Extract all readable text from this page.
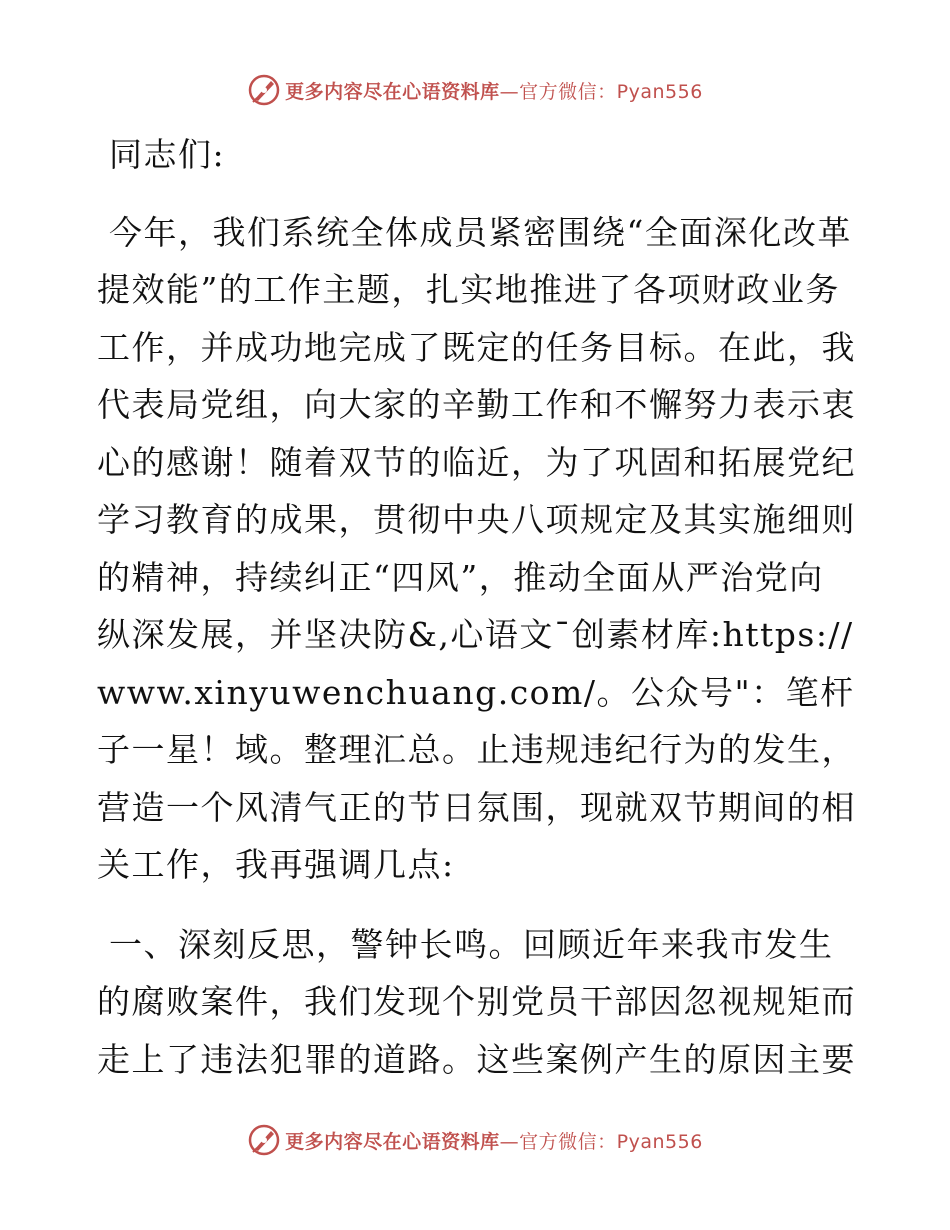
更多内容尽在心语资料库—官方微信：Pyan556

同志们:

今年，我们系统全体成员紧密围绕“全面深化改革提效能”的工作主题，扎实地推进了各项财政业务工作，并成功地完成了既定的任务目标。在此，我代表局党组，向大家的辛勤工作和不懈努力表示衷心的感谢！随着双节的临近，为了巩固和拓展党纪学习教育的成果，贯彻中央八项规定及其实施细则的精神，持续纠正“四风”，推动全面从严治党向纵深发展，并坚决防&,心语文¯创素材库:https://www.xinyuwenchuang.com/。公众号"：笔杆子一星！域。整理汇总。止违规违纪行为的发生，营造一个风清气正的节日氛围，现就双节期间的相关工作，我再强调几点:

一、深刻反思，警钟长鸣。回顾近年来我市发生的腐败案件，我们发现个别党员干部因忽视规矩而走上了违法犯罪的道路。这些案例产生的原因主要

更多内容尽在心语资料库—官方微信：Pyan556
